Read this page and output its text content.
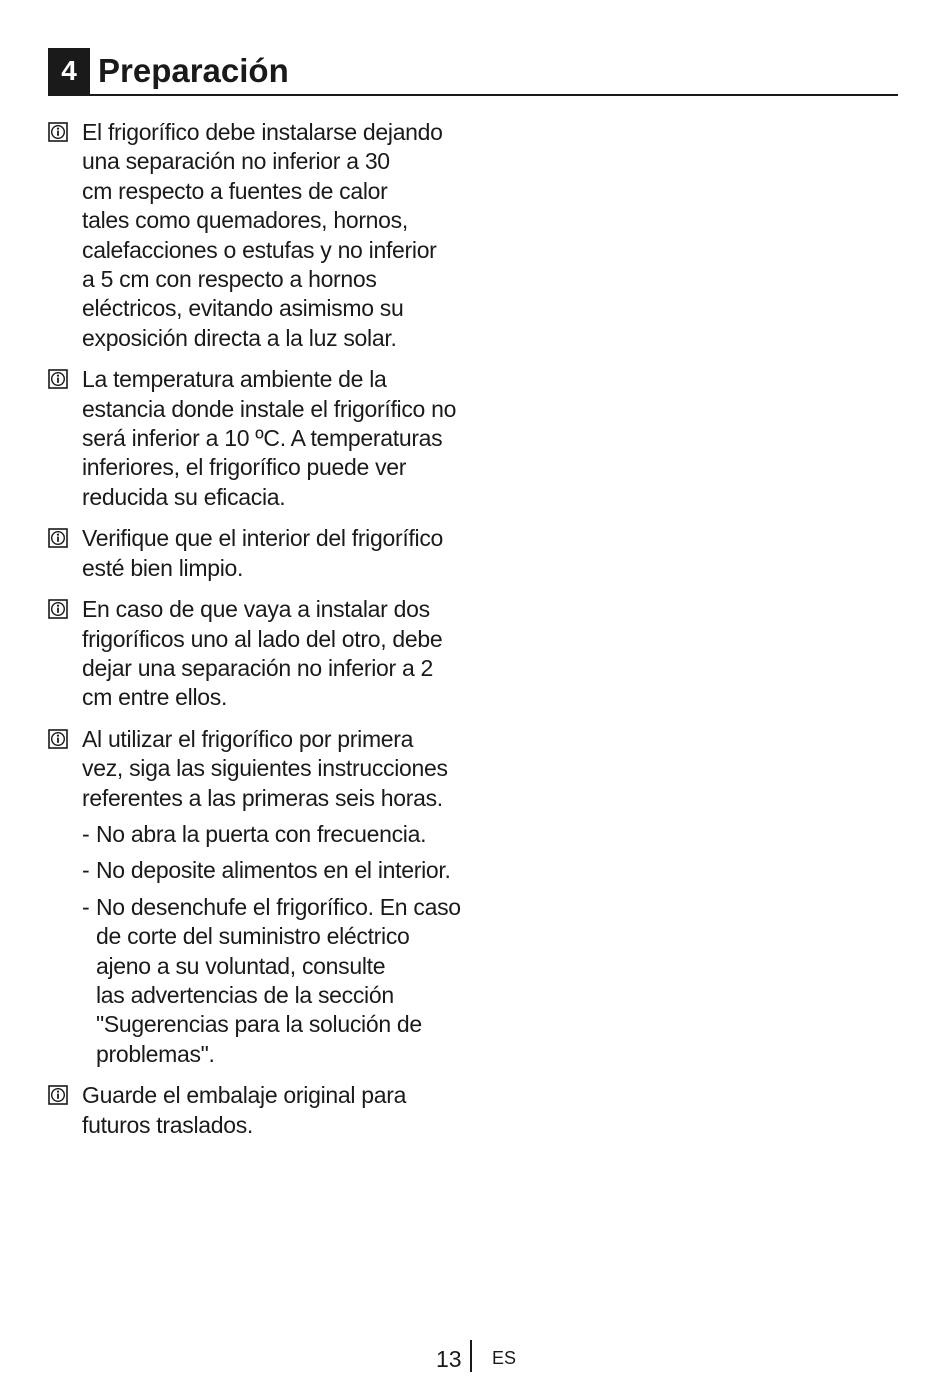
4 Preparación
El frigorífico debe instalarse dejando
una separación no inferior a 30
cm respecto a fuentes de calor
tales como quemadores, hornos,
calefacciones o estufas y no inferior
a 5 cm con respecto a hornos
eléctricos, evitando asimismo su
exposición directa a la luz solar.
La temperatura ambiente de la
estancia donde instale el frigorífico no
será inferior a 10 ºC. A temperaturas
inferiores, el frigorífico puede ver
reducida su eficacia.
Verifique que el interior del frigorífico
esté bien limpio.
En caso de que vaya a instalar dos
frigoríficos uno al lado del otro, debe
dejar una separación no inferior a 2
cm entre ellos.
Al utilizar el frigorífico por primera
vez, siga las siguientes instrucciones
referentes a las primeras seis horas.
- No abra la puerta con frecuencia.
- No deposite alimentos en el interior.
- No desenchufe el frigorífico. En caso
de corte del suministro eléctrico
ajeno a su voluntad, consulte
las advertencias de la sección
"Sugerencias para la solución de
problemas".
Guarde el embalaje original para
futuros traslados.
13 ES
